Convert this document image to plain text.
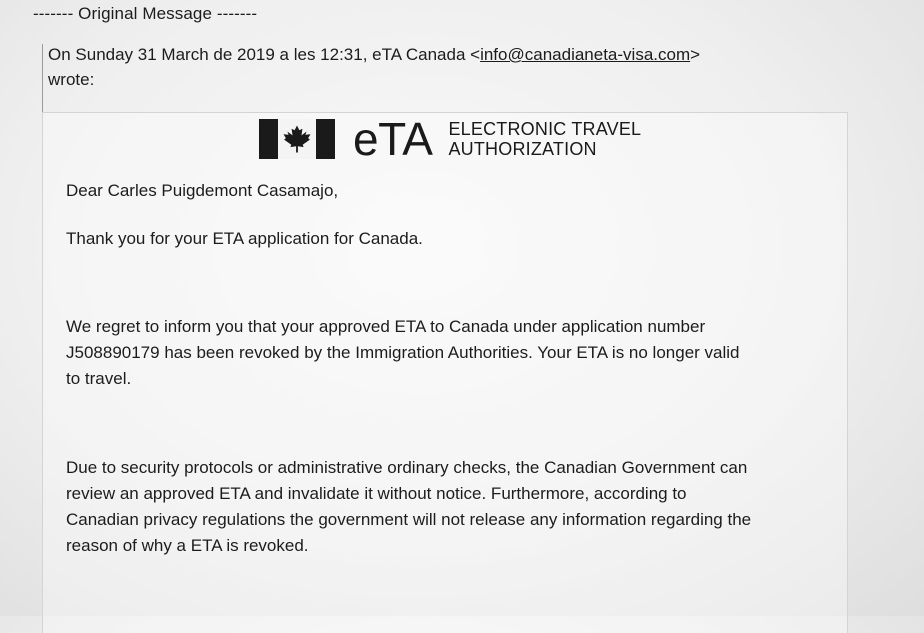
------- Original Message -------
On Sunday 31 March de 2019 a les 12:31, eTA Canada <info@canadianeta-visa.com>
wrote:
eTA ELECTRONIC TRAVEL
AUTHORIZATION
Dear Carles Puigdemont Casamajo,
Thank you for your ETA application for Canada.
We regret to inform you that your approved ETA to Canada under application number
J508890179 has been revoked by the Immigration Authorities. Your ETA is no longer valid
to travel.
Due to security protocols or administrative ordinary checks, the Canadian Government can
review an approved ETA and invalidate it without notice. Furthermore, according to
Canadian privacy regulations the government will not release any information regarding the
reason of why a ETA is revoked.
